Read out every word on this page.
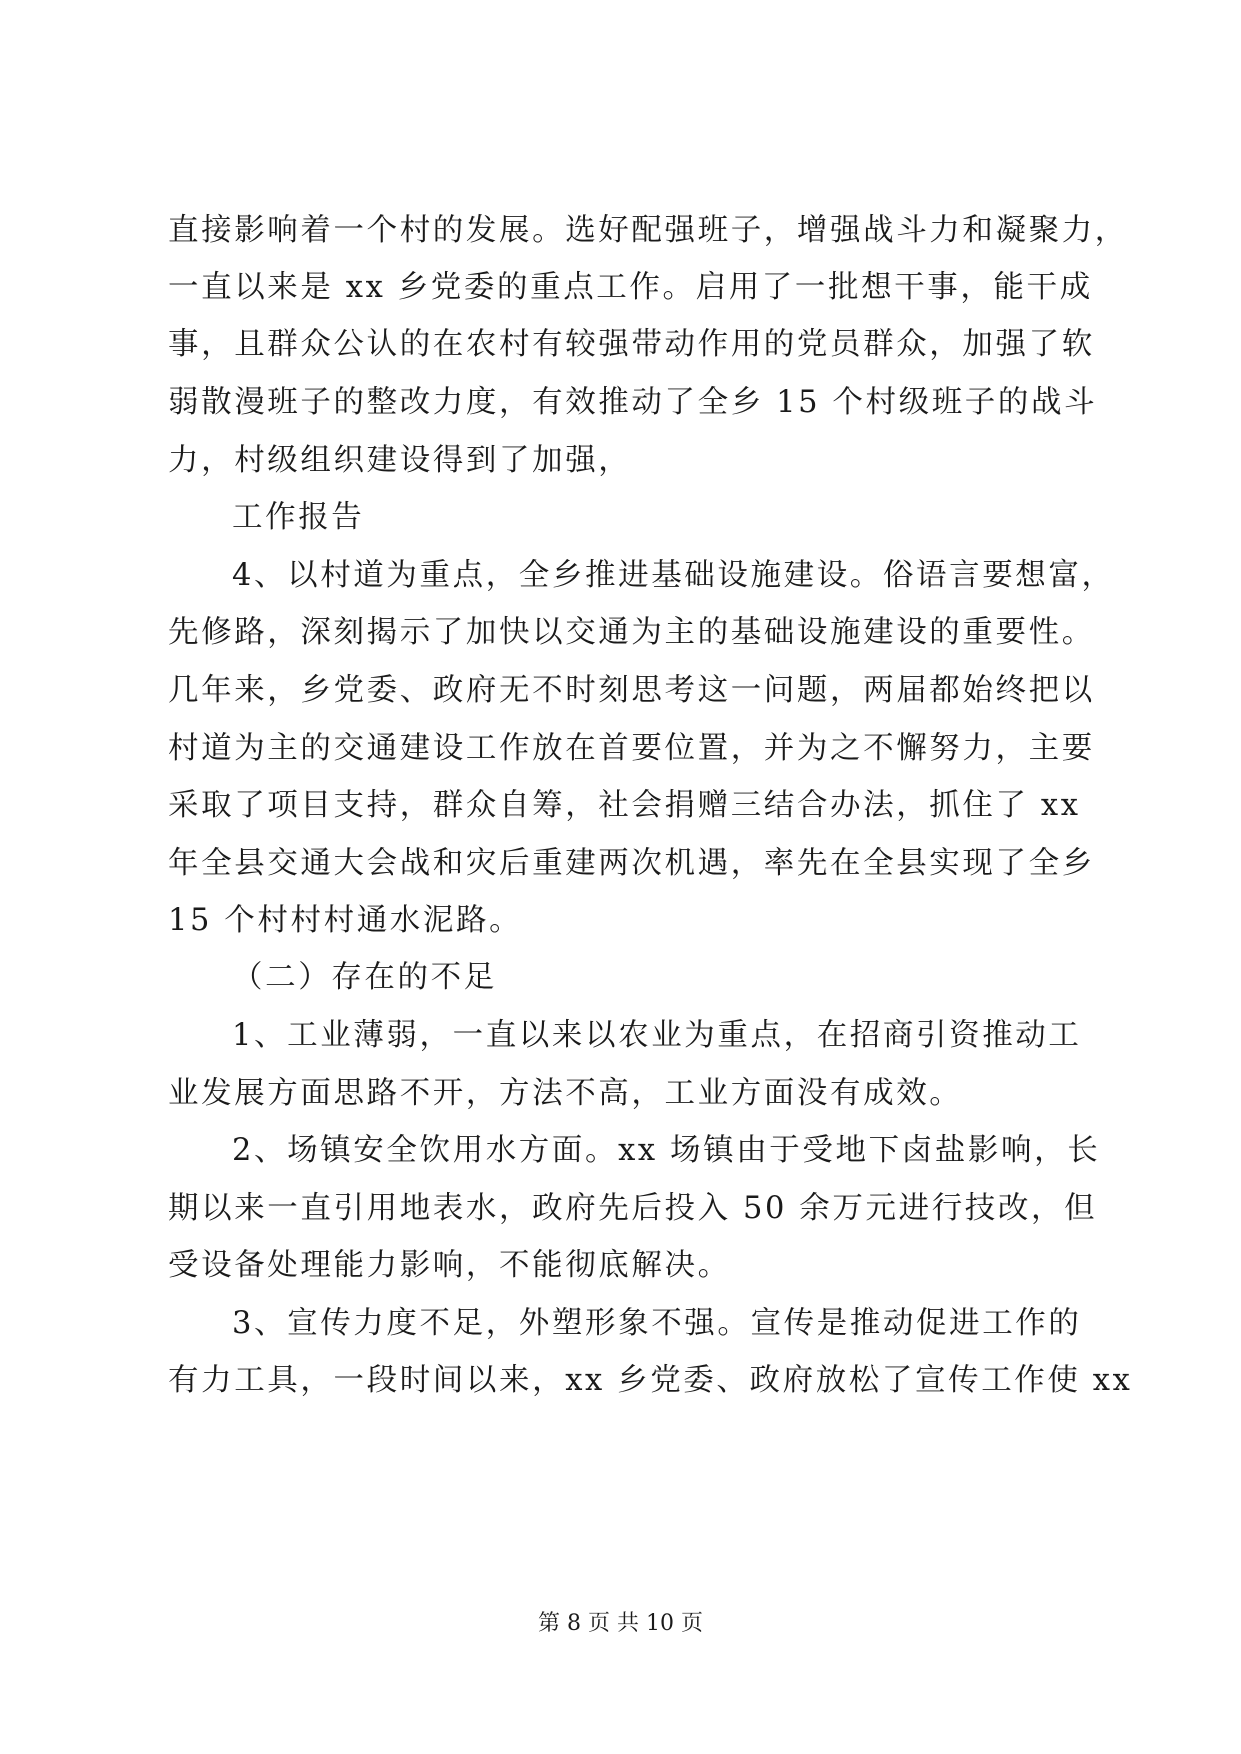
直接影响着一个村的发展。选好配强班子，增强战斗力和凝聚力，

一直以来是 xx 乡党委的重点工作。启用了一批想干事，能干成

事，且群众公认的在农村有较强带动作用的党员群众，加强了软

弱散漫班子的整改力度，有效推动了全乡 15 个村级班子的战斗

力，村级组织建设得到了加强，

工作报告

4、以村道为重点，全乡推进基础设施建设。俗语言要想富，

先修路，深刻揭示了加快以交通为主的基础设施建设的重要性。

几年来，乡党委、政府无不时刻思考这一问题，两届都始终把以

村道为主的交通建设工作放在首要位置，并为之不懈努力，主要

采取了项目支持，群众自筹，社会捐赠三结合办法，抓住了 xx

年全县交通大会战和灾后重建两次机遇，率先在全县实现了全乡

15 个村村村通水泥路。

（二）存在的不足

1、工业薄弱，一直以来以农业为重点，在招商引资推动工

业发展方面思路不开，方法不高，工业方面没有成效。

2、场镇安全饮用水方面。xx 场镇由于受地下卤盐影响，长

期以来一直引用地表水，政府先后投入 50 余万元进行技改，但

受设备处理能力影响，不能彻底解决。

3、宣传力度不足，外塑形象不强。宣传是推动促进工作的

有力工具，一段时间以来，xx 乡党委、政府放松了宣传工作使 xx

第 8 页 共 10 页
